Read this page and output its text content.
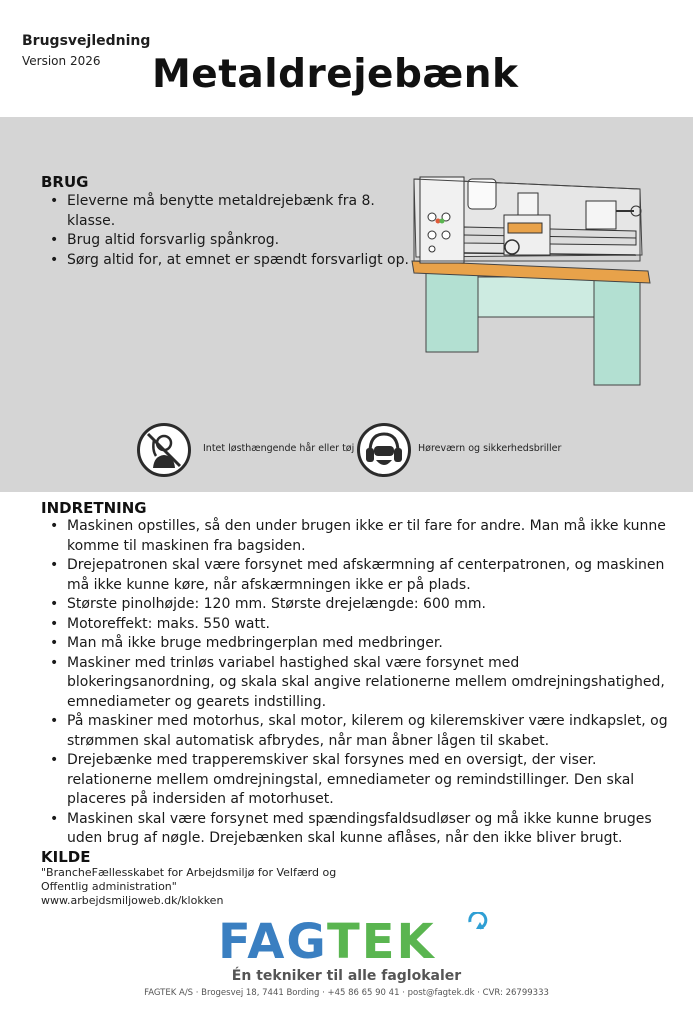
Brugsvejledning
Version 2026 Metaldrejebænk
BRUG
• Eleverne må benytte metaldrejebænk fra 8. klasse.
• Brug altid forsvarlig spånkrog.
• Sørg altid for, at emnet er spændt forsvarligt op.
Intet løsthængende hår eller tøj	Høreværn og sikkerhedsbriller
INDRETNING
• Maskinen opstilles, så den under brugen ikke er til fare for andre. Man må ikke kunne komme til maskinen fra bagsiden.
• Drejepatronen skal være forsynet med afskærmning af centerpatronen, og maskinen må ikke kunne køre, når afskærmningen ikke er på plads.
• Største pinolhøjde: 120 mm. Største drejelængde: 600 mm.
• Motoreffekt: maks. 550 watt.
• Man må ikke bruge medbringerplan med medbringer.
• Maskiner med trinløs variabel hastighed skal være forsynet med blokeringsanordning, og skala skal angive relationerne mellem omdrejningshatighed, emnediameter og gearets indstilling.
• På maskiner med motorhus, skal motor, kilerem og kileremskiver være indkapslet, og strømmen skal automatisk afbrydes, når man åbner lågen til skabet.
• Drejebænke med trapperemskiver skal forsynes med en oversigt, der viser. relationerne mellem omdrejningstal, emnediameter og remindstillinger. Den skal placeres på indersiden af motorhuset.
• Maskinen skal være forsynet med spændingsfaldsudløser og må ikke kunne bruges uden brug af nøgle. Drejebænken skal kunne aflåses, når den ikke bliver brugt.
KILDE
"BrancheFællesskabet for Arbejdsmiljø for Velfærd og
Offentlig administration"
www.arbejdsmiljoweb.dk/klokken
FAGTEK
Én tekniker til alle faglokaler
FAGTEK A/S · Brogesvej 18, 7441 Bording · +45 86 65 90 41 · post@fagtek.dk · CVR: 26799333
